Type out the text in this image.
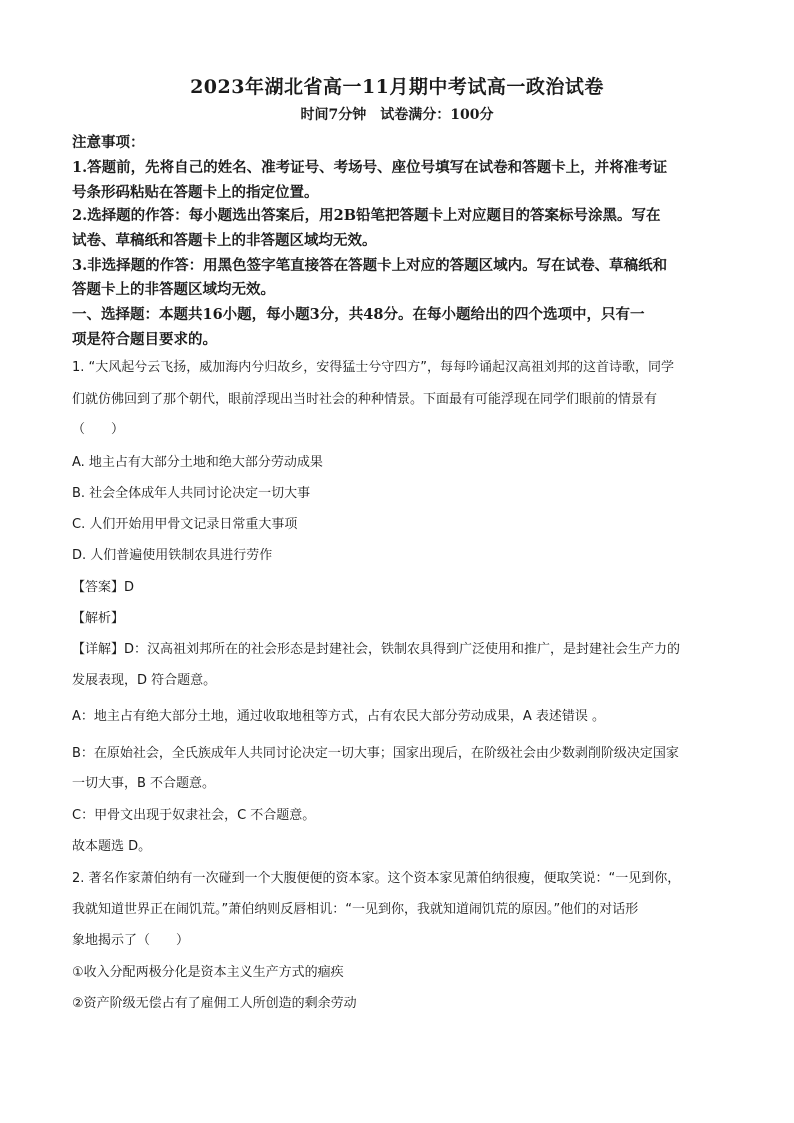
2023年湖北省高一11月期中考试高一政治试卷
时间7分钟　试卷满分：100分
注意事项：
1.答题前，先将自己的姓名、准考证号、考场号、座位号填写在试卷和答题卡上，并将准考证
号条形码粘贴在答题卡上的指定位置。
2.选择题的作答：每小题选出答案后，用2B铅笔把答题卡上对应题目的答案标号涂黑。写在
试卷、草稿纸和答题卡上的非答题区域均无效。
3.非选择题的作答：用黑色签字笔直接答在答题卡上对应的答题区域内。写在试卷、草稿纸和
答题卡上的非答题区域均无效。
一、选择题：本题共16小题，每小题3分，共48分。在每小题给出的四个选项中，只有一
项是符合题目要求的。
1. “大风起兮云飞扬，威加海内兮归故乡，安得猛士兮守四方”，每每吟诵起汉高祖刘邦的这首诗歌，同学
们就仿佛回到了那个朝代，眼前浮现出当时社会的种种情景。下面最有可能浮现在同学们眼前的情景有
（　　）
A. 地主占有大部分土地和绝大部分劳动成果
B. 社会全体成年人共同讨论决定一切大事
C. 人们开始用甲骨文记录日常重大事项
D. 人们普遍使用铁制农具进行劳作
【答案】D
【解析】
【详解】D：汉高祖刘邦所在的社会形态是封建社会，铁制农具得到广泛使用和推广，是封建社会生产力的
发展表现，D 符合题意。
A：地主占有绝大部分土地，通过收取地租等方式，占有农民大部分劳动成果，A 表述错误 。
B：在原始社会，全氏族成年人共同讨论决定一切大事；国家出现后，在阶级社会由少数剥削阶级决定国家
一切大事，B 不合题意。
C：甲骨文出现于奴隶社会，C 不合题意。
故本题选 D。
2. 著名作家萧伯纳有一次碰到一个大腹便便的资本家。这个资本家见萧伯纳很瘦，便取笑说：“一见到你，
我就知道世界正在闹饥荒。”萧伯纳则反唇相讥：“一见到你，我就知道闹饥荒的原因。”他们的对话形
象地揭示了（　　）
①收入分配两极分化是资本主义生产方式的痼疾
②资产阶级无偿占有了雇佣工人所创造的剩余劳动
